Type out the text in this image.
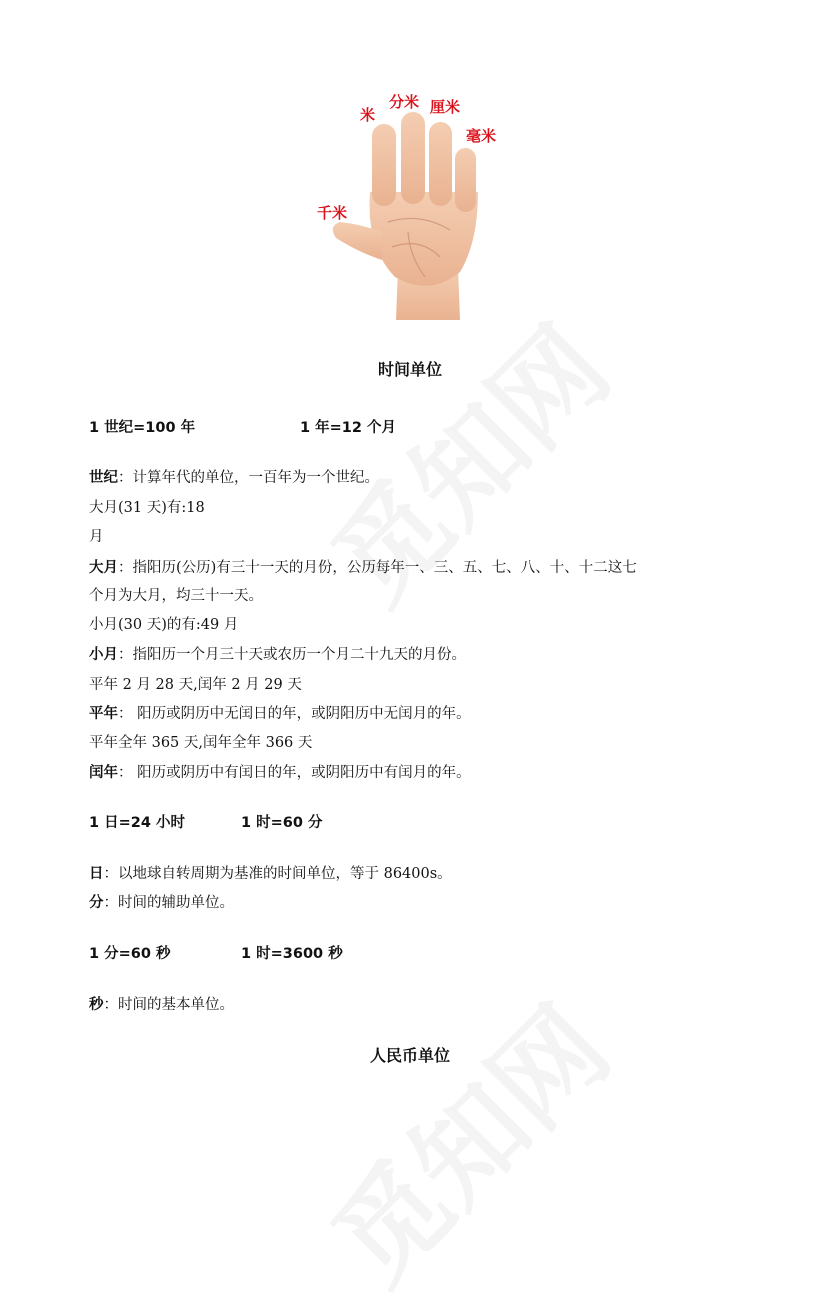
米
分米 厘米
毫米
千米
时间单位
1 世纪=100 年	1 年=12 个月
世纪：计算年代的单位，一百年为一个世纪。
大月(31 天)有:18
月
大月：指阳历(公历)有三十一天的月份，公历每年一、三、五、七、八、十、十二这七
个月为大月，均三十一天。
小月(30 天)的有:49 月
小月：指阳历一个月三十天或农历一个月二十九天的月份。
平年 2 月 28 天,闰年 2 月 29 天
平年： 阳历或阴历中无闰日的年，或阴阳历中无闰月的年。
平年全年 365 天,闰年全年 366 天
闰年： 阳历或阴历中有闰日的年，或阴阳历中有闰月的年。
1 日=24 小时	1 时=60 分
日：以地球自转周期为基准的时间单位，等于 86400s。
分：时间的辅助单位。
1 分=60 秒	1 时=3600 秒
秒：时间的基本单位。
人民币单位
